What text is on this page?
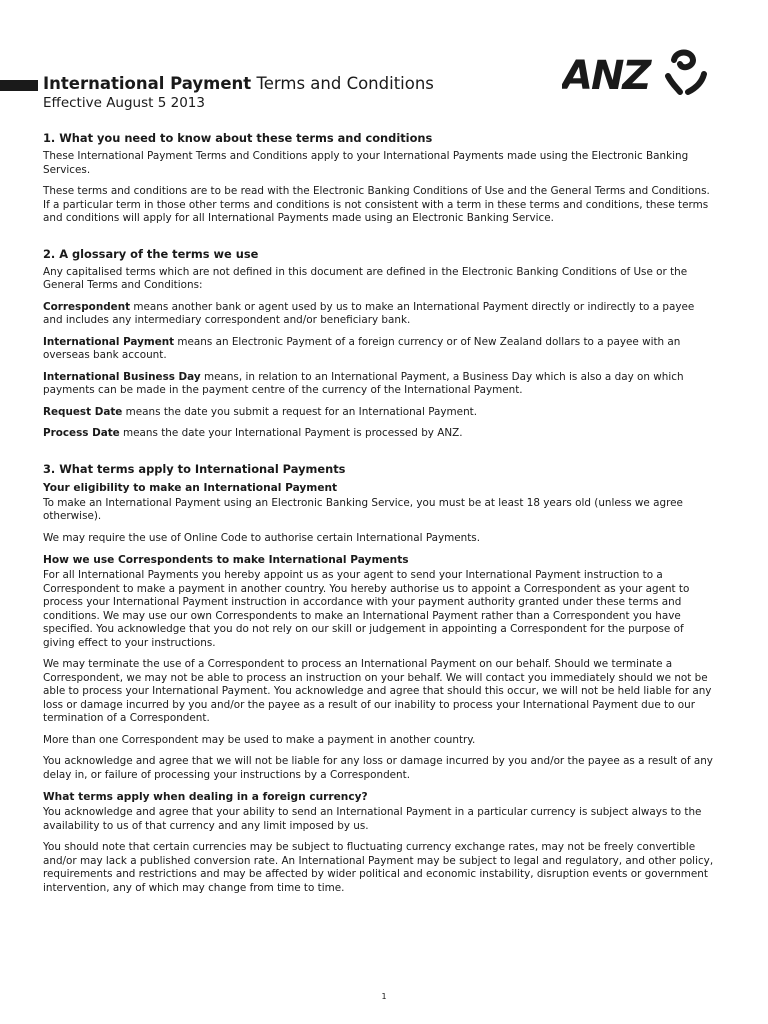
International Payment Terms and Conditions

Effective August 5 2013

ANZ
1. What you need to know about these terms and conditions

These International Payment Terms and Conditions apply to your International Payments made using the Electronic Banking Services.

These terms and conditions are to be read with the Electronic Banking Conditions of Use and the General Terms and Conditions. If a particular term in those other terms and conditions is not consistent with a term in these terms and conditions, these terms and conditions will apply for all International Payments made using an Electronic Banking Service.

2. A glossary of the terms we use

Any capitalised terms which are not defined in this document are defined in the Electronic Banking Conditions of Use or the General Terms and Conditions:

Correspondent means another bank or agent used by us to make an International Payment directly or indirectly to a payee and includes any intermediary correspondent and/or beneficiary bank.

International Payment means an Electronic Payment of a foreign currency or of New Zealand dollars to a payee with an overseas bank account.

International Business Day means, in relation to an International Payment, a Business Day which is also a day on which payments can be made in the payment centre of the currency of the International Payment.

Request Date means the date you submit a request for an International Payment.

Process Date means the date your International Payment is processed by ANZ.

3. What terms apply to International Payments
Your eligibility to make an International Payment

To make an International Payment using an Electronic Banking Service, you must be at least 18 years old (unless we agree otherwise).

We may require the use of Online Code to authorise certain International Payments.

How we use Correspondents to make International Payments

For all International Payments you hereby appoint us as your agent to send your International Payment instruction to a Correspondent to make a payment in another country. You hereby authorise us to appoint a Correspondent as your agent to process your International Payment instruction in accordance with your payment authority granted under these terms and conditions. We may use our own Correspondents to make an International Payment rather than a Correspondent you have specified. You acknowledge that you do not rely on our skill or judgement in appointing a Correspondent for the purpose of giving effect to your instructions.

We may terminate the use of a Correspondent to process an International Payment on our behalf. Should we terminate a Correspondent, we may not be able to process an instruction on your behalf. We will contact you immediately should we not be able to process your International Payment. You acknowledge and agree that should this occur, we will not be held liable for any loss or damage incurred by you and/or the payee as a result of our inability to process your International Payment due to our termination of a Correspondent.

More than one Correspondent may be used to make a payment in another country.

You acknowledge and agree that we will not be liable for any loss or damage incurred by you and/or the payee as a result of any delay in, or failure of processing your instructions by a Correspondent.

What terms apply when dealing in a foreign currency?

You acknowledge and agree that your ability to send an International Payment in a particular currency is subject always to the availability to us of that currency and any limit imposed by us.

You should note that certain currencies may be subject to fluctuating currency exchange rates, may not be freely convertible and/or may lack a published conversion rate. An International Payment may be subject to legal and regulatory, and other policy, requirements and restrictions and may be affected by wider political and economic instability, disruption events or government intervention, any of which may change from time to time.

1
